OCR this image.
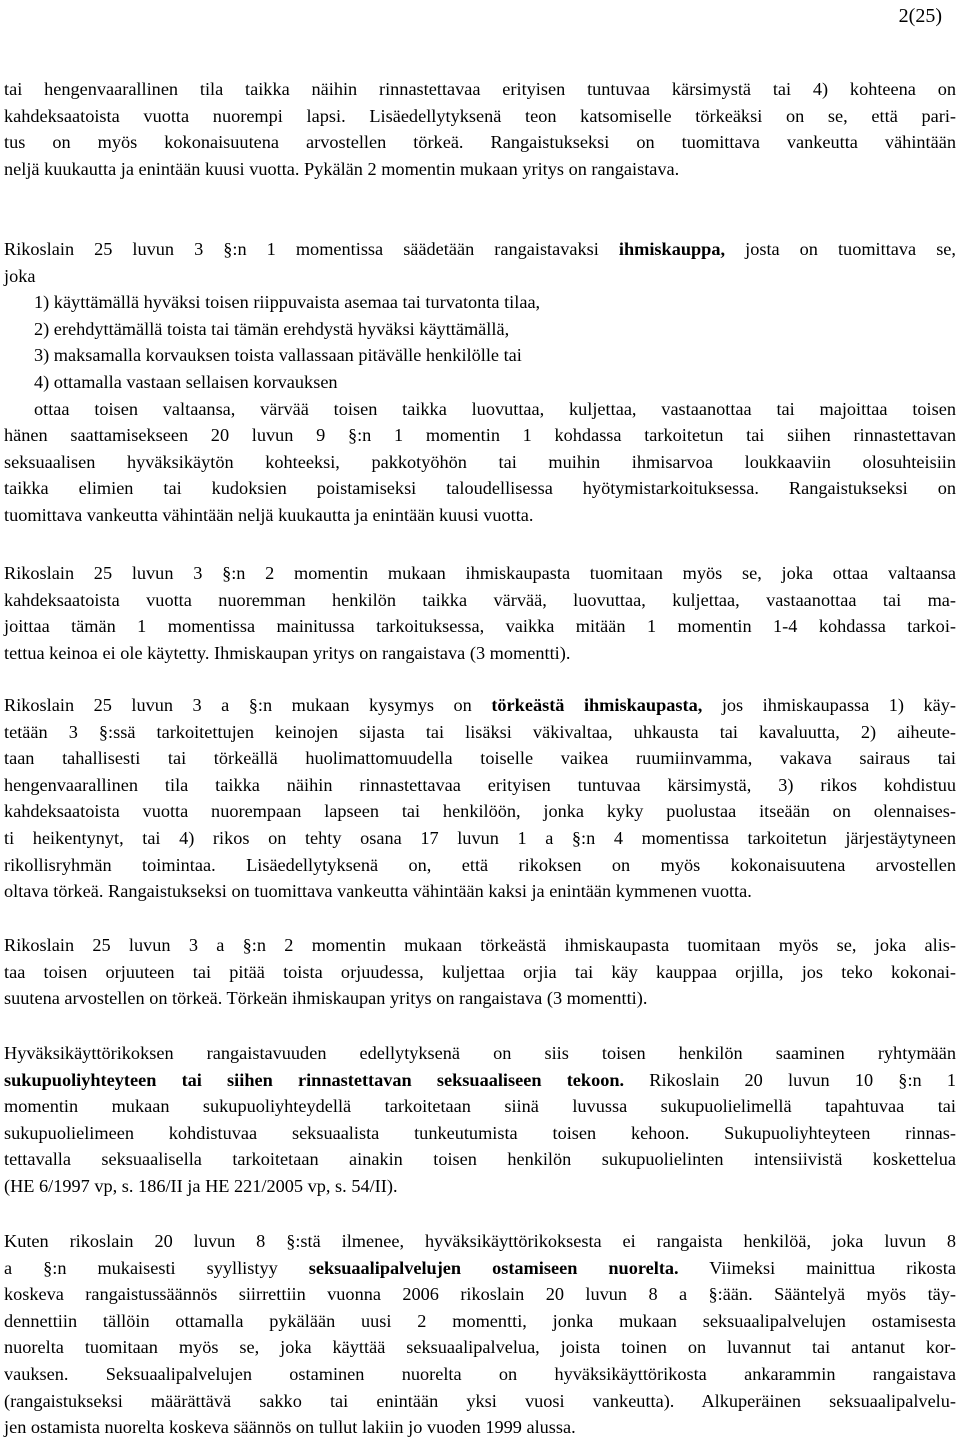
2(25)
tai hengenvaarallinen tila taikka näihin rinnastettavaa erityisen tuntuvaa kärsimystä tai 4) kohteena on
kahdeksaatoista vuotta nuorempi lapsi. Lisäedellytyksenä teon katsomiselle törkeäksi on se, että pari-
tus on myös kokonaisuutena arvostellen törkeä. Rangaistukseksi on tuomittava vankeutta vähintään
neljä kuukautta ja enintään kuusi vuotta. Pykälän 2 momentin mukaan yritys on rangaistava.
Rikoslain 25 luvun 3 §:n 1 momentissa säädetään rangaistavaksi ihmiskauppa, josta on tuomittava se,
joka
1) käyttämällä hyväksi toisen riippuvaista asemaa tai turvatonta tilaa,
2) erehdyttämällä toista tai tämän erehdystä hyväksi käyttämällä,
3) maksamalla korvauksen toista vallassaan pitävälle henkilölle tai
4) ottamalla vastaan sellaisen korvauksen
ottaa toisen valtaansa, värvää toisen taikka luovuttaa, kuljettaa, vastaanottaa tai majoittaa toisen
hänen saattamisekseen 20 luvun 9 §:n 1 momentin 1 kohdassa tarkoitetun tai siihen rinnastettavan
seksuaalisen hyväksikäytön kohteeksi, pakkotyöhön tai muihin ihmisarvoa loukkaaviin olosuhteisiin
taikka elimien tai kudoksien poistamiseksi taloudellisessa hyötymistarkoituksessa. Rangaistukseksi on
tuomittava vankeutta vähintään neljä kuukautta ja enintään kuusi vuotta.
Rikoslain 25 luvun 3 §:n 2 momentin mukaan ihmiskaupasta tuomitaan myös se, joka ottaa valtaansa
kahdeksaatoista vuotta nuoremman henkilön taikka värvää, luovuttaa, kuljettaa, vastaanottaa tai ma-
joittaa tämän 1 momentissa mainitussa tarkoituksessa, vaikka mitään 1 momentin 1-4 kohdassa tarkoi-
tettua keinoa ei ole käytetty. Ihmiskaupan yritys on rangaistava (3 momentti).
Rikoslain 25 luvun 3 a §:n mukaan kysymys on törkeästä ihmiskaupasta, jos ihmiskaupassa 1) käy-
tetään 3 §:ssä tarkoitettujen keinojen sijasta tai lisäksi väkivaltaa, uhkausta tai kavaluutta, 2) aiheute-
taan tahallisesti tai törkeällä huolimattomuudella toiselle vaikea ruumiinvamma, vakava sairaus tai
hengenvaarallinen tila taikka näihin rinnastettavaa erityisen tuntuvaa kärsimystä, 3) rikos kohdistuu
kahdeksaatoista vuotta nuorempaan lapseen tai henkilöön, jonka kyky puolustaa itseään on olennaises-
ti heikentynyt, tai 4) rikos on tehty osana 17 luvun 1 a §:n 4 momentissa tarkoitetun järjestäytyneen
rikollisryhmän toimintaa. Lisäedellytyksenä on, että rikoksen on myös kokonaisuutena arvostellen
oltava törkeä. Rangaistukseksi on tuomittava vankeutta vähintään kaksi ja enintään kymmenen vuotta.
Rikoslain 25 luvun 3 a §:n 2 momentin mukaan törkeästä ihmiskaupasta tuomitaan myös se, joka alis-
taa toisen orjuuteen tai pitää toista orjuudessa, kuljettaa orjia tai käy kauppaa orjilla, jos teko kokonai-
suutena arvostellen on törkeä. Törkeän ihmiskaupan yritys on rangaistava (3 momentti).
Hyväksikäyttörikoksen rangaistavuuden edellytyksenä on siis toisen henkilön saaminen ryhtymään
sukupuoliyhteyteen tai siihen rinnastettavan seksuaaliseen tekoon. Rikoslain 20 luvun 10 §:n 1
momentin mukaan sukupuoliyhteydellä tarkoitetaan siinä luvussa sukupuolielimellä tapahtuvaa tai
sukupuolielimeen kohdistuvaa seksuaalista tunkeutumista toisen kehoon. Sukupuoliyhteyteen rinnas-
tettavalla seksuaalisella tarkoitetaan ainakin toisen henkilön sukupuolielinten intensiivistä koskettelua
(HE 6/1997 vp, s. 186/II ja HE 221/2005 vp, s. 54/II).
Kuten rikoslain 20 luvun 8 §:stä ilmenee, hyväksikäyttörikoksesta ei rangaista henkilöä, joka luvun 8
a §:n mukaisesti syyllistyy seksuaalipalvelujen ostamiseen nuorelta. Viimeksi mainittua rikosta
koskeva rangaistussäännös siirrettiin vuonna 2006 rikoslain 20 luvun 8 a §:ään. Sääntelyä myös täy-
dennettiin tällöin ottamalla pykälään uusi 2 momentti, jonka mukaan seksuaalipalvelujen ostamisesta
nuorelta tuomitaan myös se, joka käyttää seksuaalipalvelua, joista toinen on luvannut tai antanut kor-
vauksen. Seksuaalipalvelujen ostaminen nuorelta on hyväksikäyttörikosta ankarammin rangaistava
(rangaistukseksi määrättävä sakko tai enintään yksi vuosi vankeutta). Alkuperäinen seksuaalipalvelu-
jen ostamista nuorelta koskeva säännös on tullut lakiin jo vuoden 1999 alussa.
